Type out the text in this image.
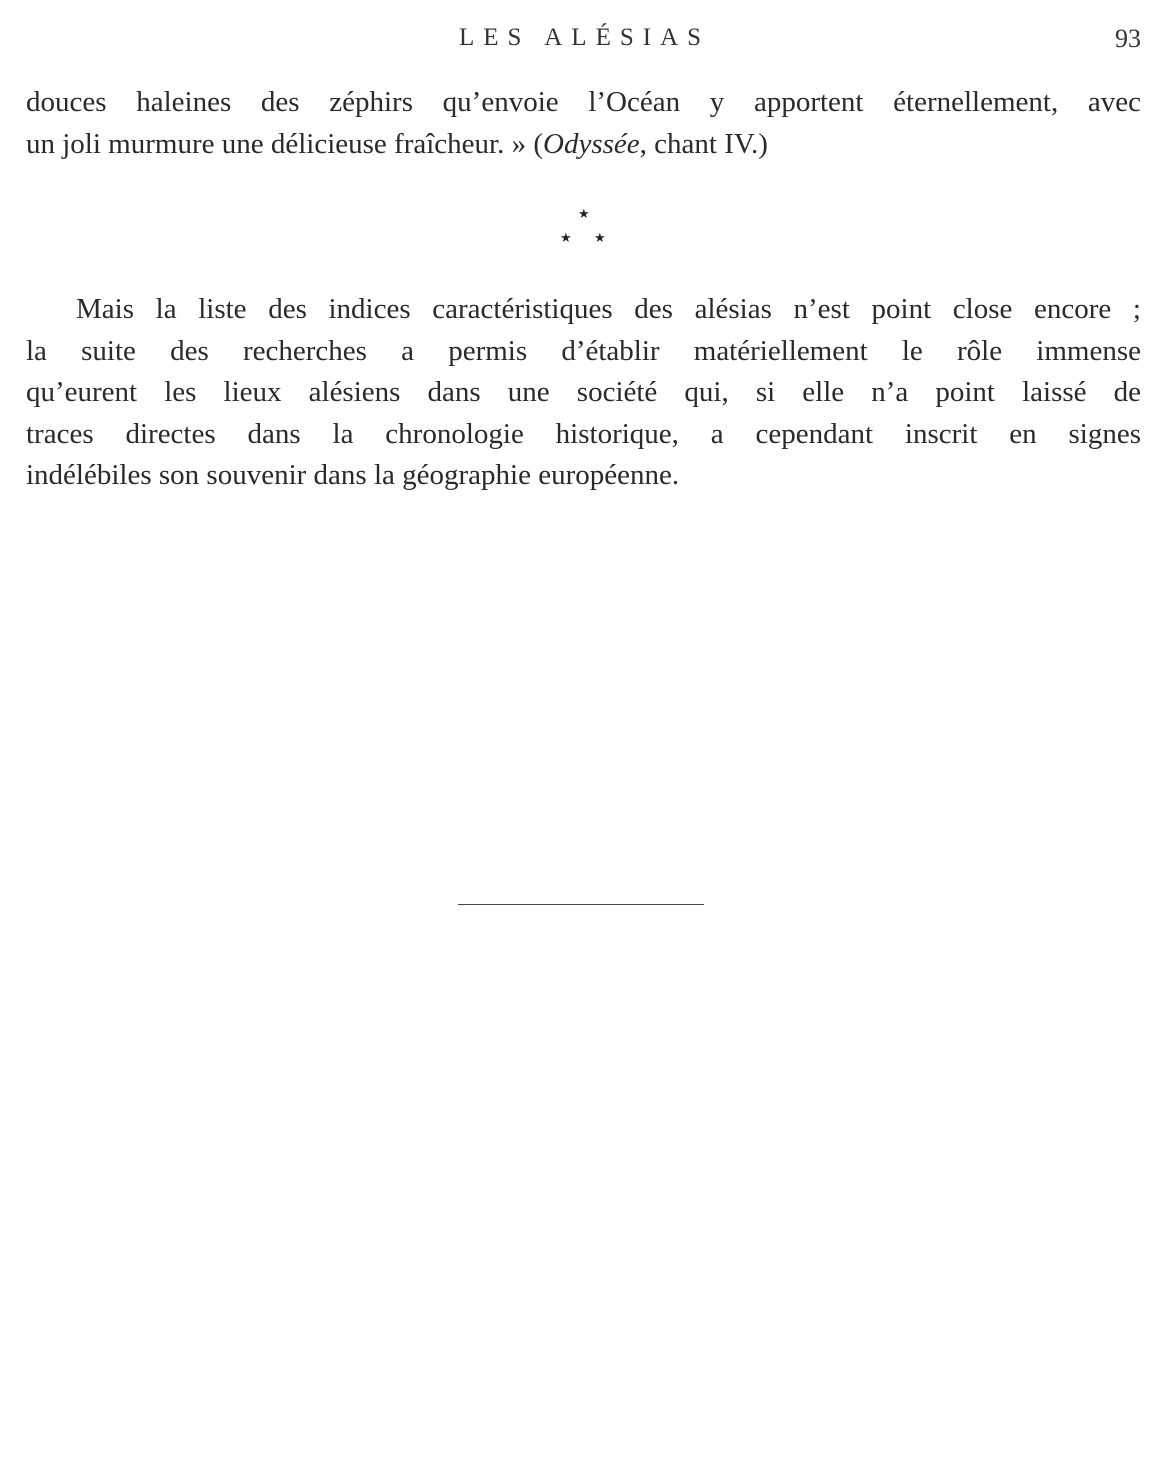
LES ALÉSIAS	93
douces haleines des zéphirs qu’envoie l’Océan y apportent éternellement, avec
un joli murmure une délicieuse fraîcheur. » (Odyssée, chant IV.)
★
★ ★
Mais la liste des indices caractéristiques des alésias n’est point close encore ;
la suite des recherches a permis d’établir matériellement le rôle immense
qu’eurent les lieux alésiens dans une société qui, si elle n’a point laissé de
traces directes dans la chronologie historique, a cependant inscrit en signes
indélébiles son souvenir dans la géographie européenne.
